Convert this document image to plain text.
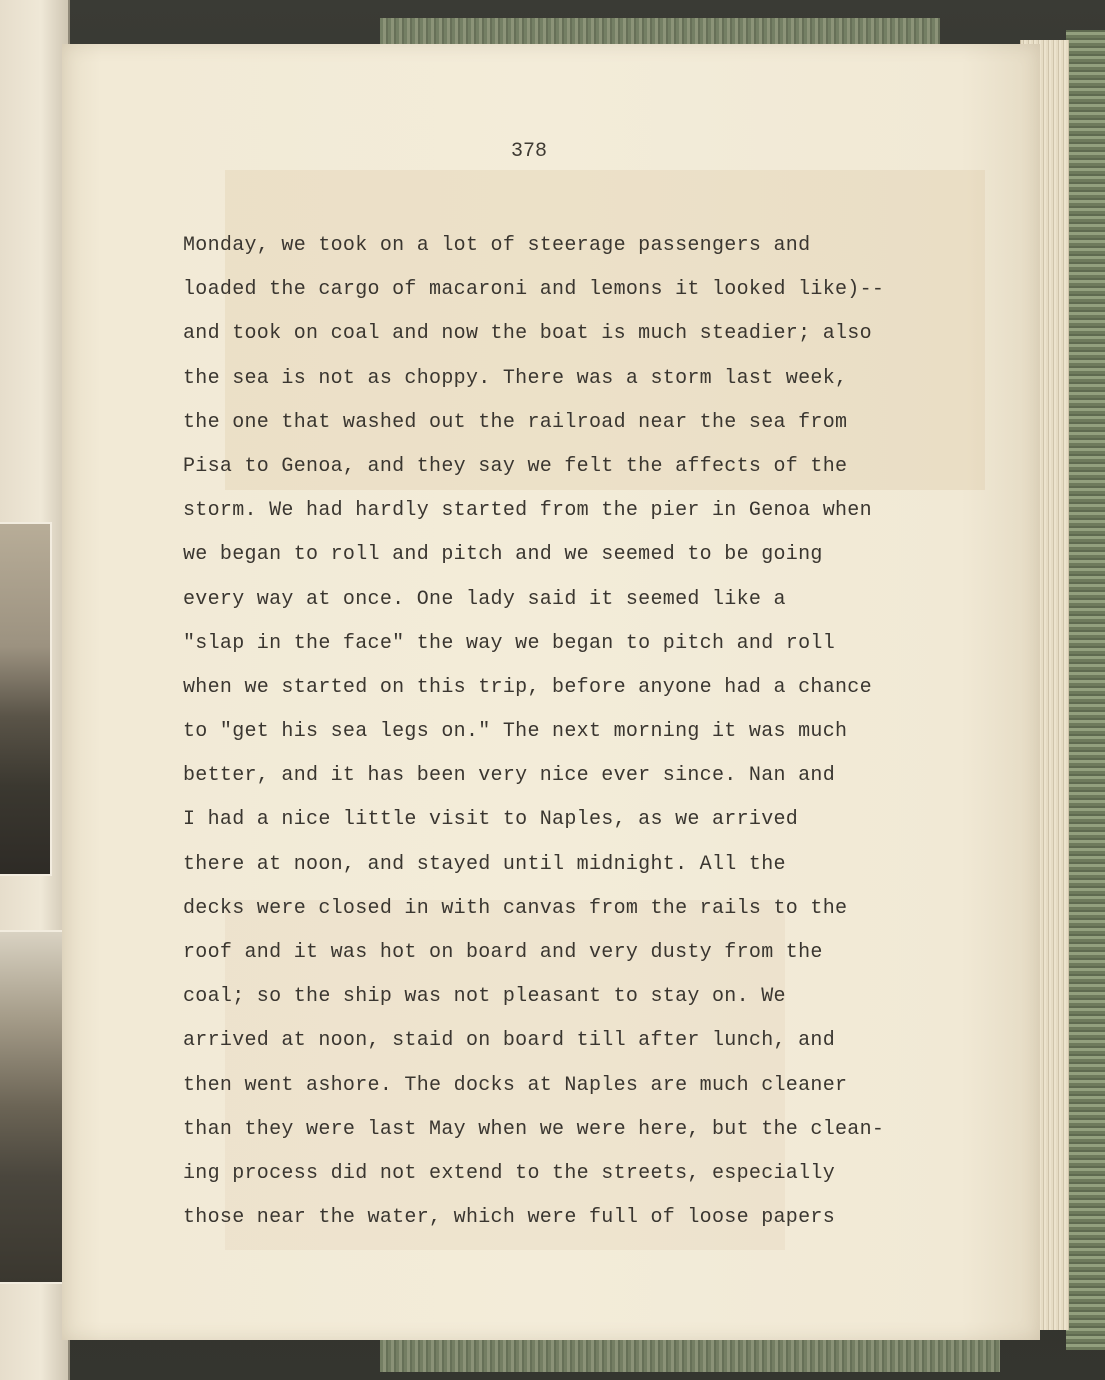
378
Monday, we took on a lot of steerage passengers and
loaded the cargo of macaroni and lemons it looked like)--
and took on coal and now the boat is much steadier; also
the sea is not as choppy. There was a storm last week,
the one that washed out the railroad near the sea from
Pisa to Genoa, and they say we felt the affects of the
storm. We had hardly started from the pier in Genoa when
we began to roll and pitch and we seemed to be going
every way at once. One lady said it seemed like a
"slap in the face" the way we began to pitch and roll
when we started on this trip, before anyone had a chance
to "get his sea legs on." The next morning it was much
better, and it has been very nice ever since. Nan and
I had a nice little visit to Naples, as we arrived
there at noon, and stayed until midnight. All the
decks were closed in with canvas from the rails to the
roof and it was hot on board and very dusty from the
coal; so the ship was not pleasant to stay on. We
arrived at noon, staid on board till after lunch, and
then went ashore. The docks at Naples are much cleaner
than they were last May when we were here, but the clean-
ing process did not extend to the streets, especially
those near the water, which were full of loose papers
